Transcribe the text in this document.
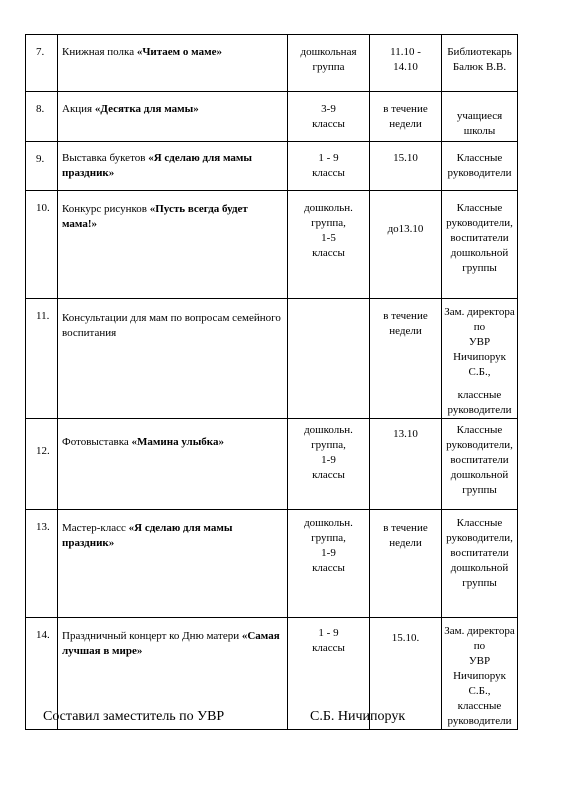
7.	Книжная полка «Читаем о маме»	дошкольная
группа	11.10 -
14.10	Библиотекарь
Балюк В.В.

8.	Акция «Десятка для мамы»	3-9
классы	в течение
недели	учащиеся школы

9.	Выставка букетов «Я сделаю для мамы праздник»	1 - 9
классы	15.10	Классные
руководители

10.	Конкурс рисунков «Пусть всегда будет мама!»	дошкольн.
группа,
1-5
классы	до13.10	Классные
руководители,
воспитатели
дошкольной
группы

11.	Консультации для мам по вопросам семейного воспитания		в течение
недели	Зам. директора по
УВР
Ничипорук С.Б.,
классные
руководители

12.	Фотовыставка «Мамина улыбка»	дошкольн.
группа,
1-9
классы	13.10	Классные
руководители,
воспитатели
дошкольной
группы

13.	Мастер-класс «Я сделаю для мамы праздник»	дошкольн.
группа,
1-9
классы	в течение
недели	Классные
руководители,
воспитатели
дошкольной
группы

14.	Праздничный концерт ко Дню матери «Самая лучшая в мире»	1 - 9
классы	15.10.	Зам. директора по
УВР
Ничипорук С.Б.,
классные
руководители
Составил заместитель по УВР	С.Б. Ничипорук
